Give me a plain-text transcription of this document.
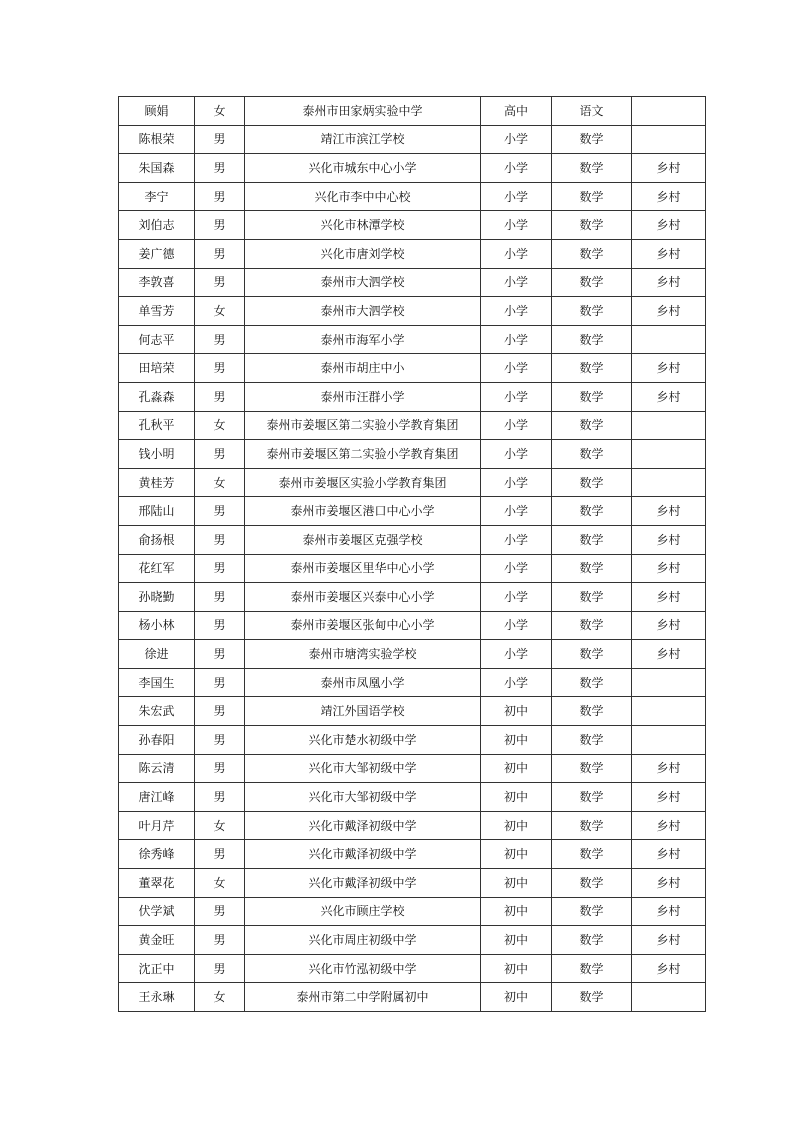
顾娟	女	泰州市田家炳实验中学	高中	语文	
陈根荣	男	靖江市滨江学校	小学	数学	
朱国森	男	兴化市城东中心小学	小学	数学	乡村
李宁	男	兴化市李中中心校	小学	数学	乡村
刘伯志	男	兴化市林潭学校	小学	数学	乡村
姜广德	男	兴化市唐刘学校	小学	数学	乡村
李敦喜	男	泰州市大泗学校	小学	数学	乡村
单雪芳	女	泰州市大泗学校	小学	数学	乡村
何志平	男	泰州市海军小学	小学	数学	
田培荣	男	泰州市胡庄中小	小学	数学	乡村
孔淼森	男	泰州市汪群小学	小学	数学	乡村
孔秋平	女	泰州市姜堰区第二实验小学教育集团	小学	数学	
钱小明	男	泰州市姜堰区第二实验小学教育集团	小学	数学	
黄桂芳	女	泰州市姜堰区实验小学教育集团	小学	数学	
邢陆山	男	泰州市姜堰区港口中心小学	小学	数学	乡村
俞扬根	男	泰州市姜堰区克强学校	小学	数学	乡村
花红军	男	泰州市姜堰区里华中心小学	小学	数学	乡村
孙晓勤	男	泰州市姜堰区兴泰中心小学	小学	数学	乡村
杨小林	男	泰州市姜堰区张甸中心小学	小学	数学	乡村
徐进	男	泰州市塘湾实验学校	小学	数学	乡村
李国生	男	泰州市凤凰小学	小学	数学	
朱宏武	男	靖江外国语学校	初中	数学	
孙春阳	男	兴化市楚水初级中学	初中	数学	
陈云清	男	兴化市大邹初级中学	初中	数学	乡村
唐江峰	男	兴化市大邹初级中学	初中	数学	乡村
叶月芹	女	兴化市戴泽初级中学	初中	数学	乡村
徐秀峰	男	兴化市戴泽初级中学	初中	数学	乡村
董翠花	女	兴化市戴泽初级中学	初中	数学	乡村
伏学斌	男	兴化市顾庄学校	初中	数学	乡村
黄金旺	男	兴化市周庄初级中学	初中	数学	乡村
沈正中	男	兴化市竹泓初级中学	初中	数学	乡村
王永琳	女	泰州市第二中学附属初中	初中	数学	
